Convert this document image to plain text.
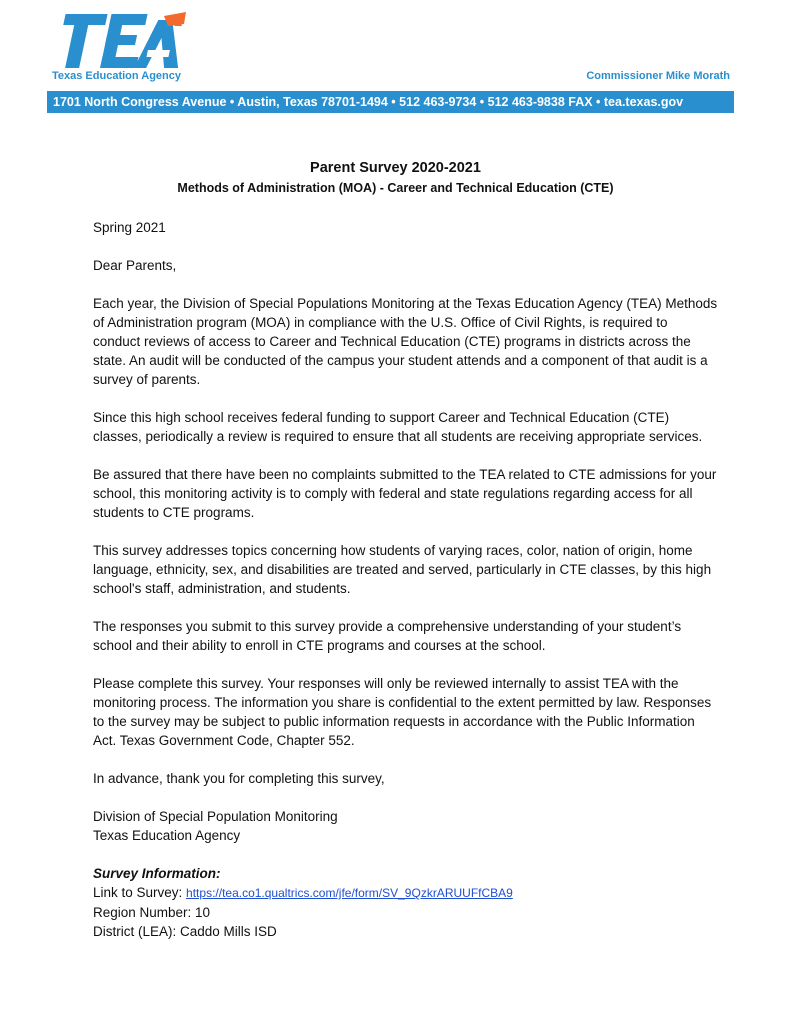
Texas Education Agency	Commissioner Mike Morath
1701 North Congress Avenue • Austin, Texas 78701-1494 • 512 463-9734 • 512 463-9838 FAX • tea.texas.gov
Parent Survey 2020-2021
Methods of Administration (MOA) - Career and Technical Education (CTE)

Spring 2021

Dear Parents,

Each year, the Division of Special Populations Monitoring at the Texas Education Agency (TEA) Methods of Administration program (MOA) in compliance with the U.S. Office of Civil Rights, is required to conduct reviews of access to Career and Technical Education (CTE) programs in districts across the state. An audit will be conducted of the campus your student attends and a component of that audit is a survey of parents.

Since this high school receives federal funding to support Career and Technical Education (CTE) classes, periodically a review is required to ensure that all students are receiving appropriate services.

Be assured that there have been no complaints submitted to the TEA related to CTE admissions for your school, this monitoring activity is to comply with federal and state regulations regarding access for all students to CTE programs.

This survey addresses topics concerning how students of varying races, color, nation of origin, home language, ethnicity, sex, and disabilities are treated and served, particularly in CTE classes, by this high school's staff, administration, and students.

The responses you submit to this survey provide a comprehensive understanding of your student’s school and their ability to enroll in CTE programs and courses at the school.

Please complete this survey. Your responses will only be reviewed internally to assist TEA with the monitoring process. The information you share is confidential to the extent permitted by law. Responses to the survey may be subject to public information requests in accordance with the Public Information Act. Texas Government Code, Chapter 552.

In advance, thank you for completing this survey,

Division of Special Population Monitoring

Texas Education Agency

Survey Information:

Link to Survey: https://tea.co1.qualtrics.com/jfe/form/SV_9QzkrARUUFfCBA9

Region Number: 10

District (LEA): Caddo Mills ISD
